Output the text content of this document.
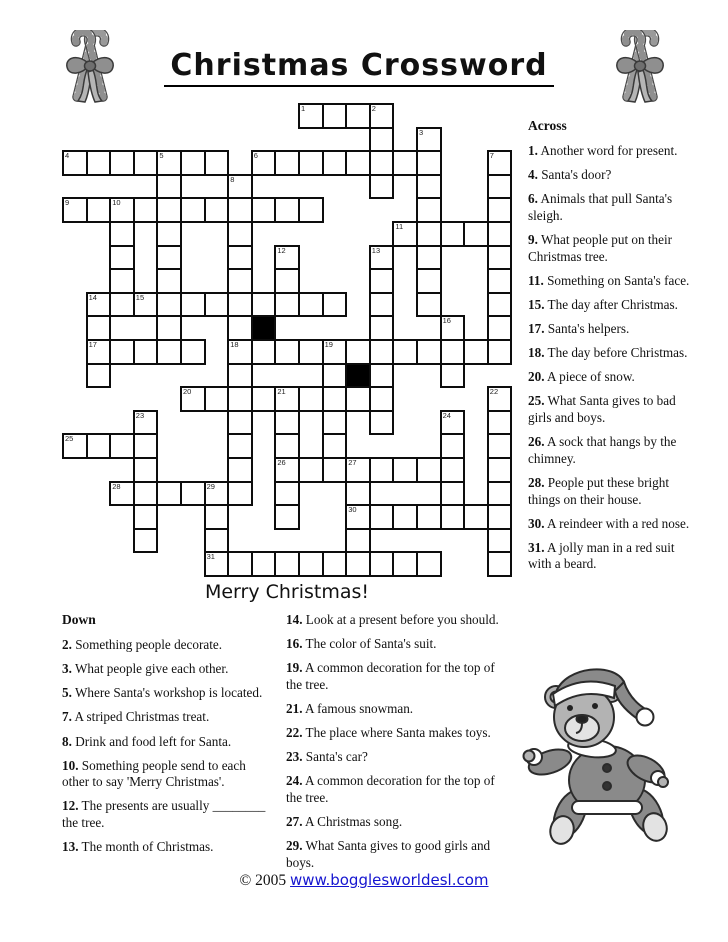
Christmas Crossword
1	2
3
4	5	6	7
8
9	10
11
12	13
14	15
16
17	18	19
20	21	22
23	24
25
26	27
28	29
30
31
Merry Christmas!
Across

1. Another word for present.

4. Santa's door?

6. Animals that pull Santa's sleigh.

9. What people put on their Christmas tree.

11. Something on Santa's face.

15. The day after Christmas.

17. Santa's helpers.

18. The day before Christmas.

20. A piece of snow.

25. What Santa gives to bad girls and boys.

26. A sock that hangs by the chimney.

28. People put these bright things on their house.

30. A reindeer with a red nose.

31. A jolly man in a red suit with a beard.

Down

2. Something people decorate.

3. What people give each other.

5. Where Santa's workshop is located.

7. A striped Christmas treat.

8. Drink and food left for Santa.

10. Something people send to each other to say 'Merry Christmas'.

12. The presents are usually ________ the tree.

13. The month of Christmas.

14. Look at a present before you should.

16. The color of Santa's suit.

19. A common decoration for the top of the tree.

21. A famous snowman.

22. The place where Santa makes toys.

23. Santa's car?

24. A common decoration for the top of the tree.

27. A Christmas song.

29. What Santa gives to good girls and boys.

© 2005 www.bogglesworldesl.com
